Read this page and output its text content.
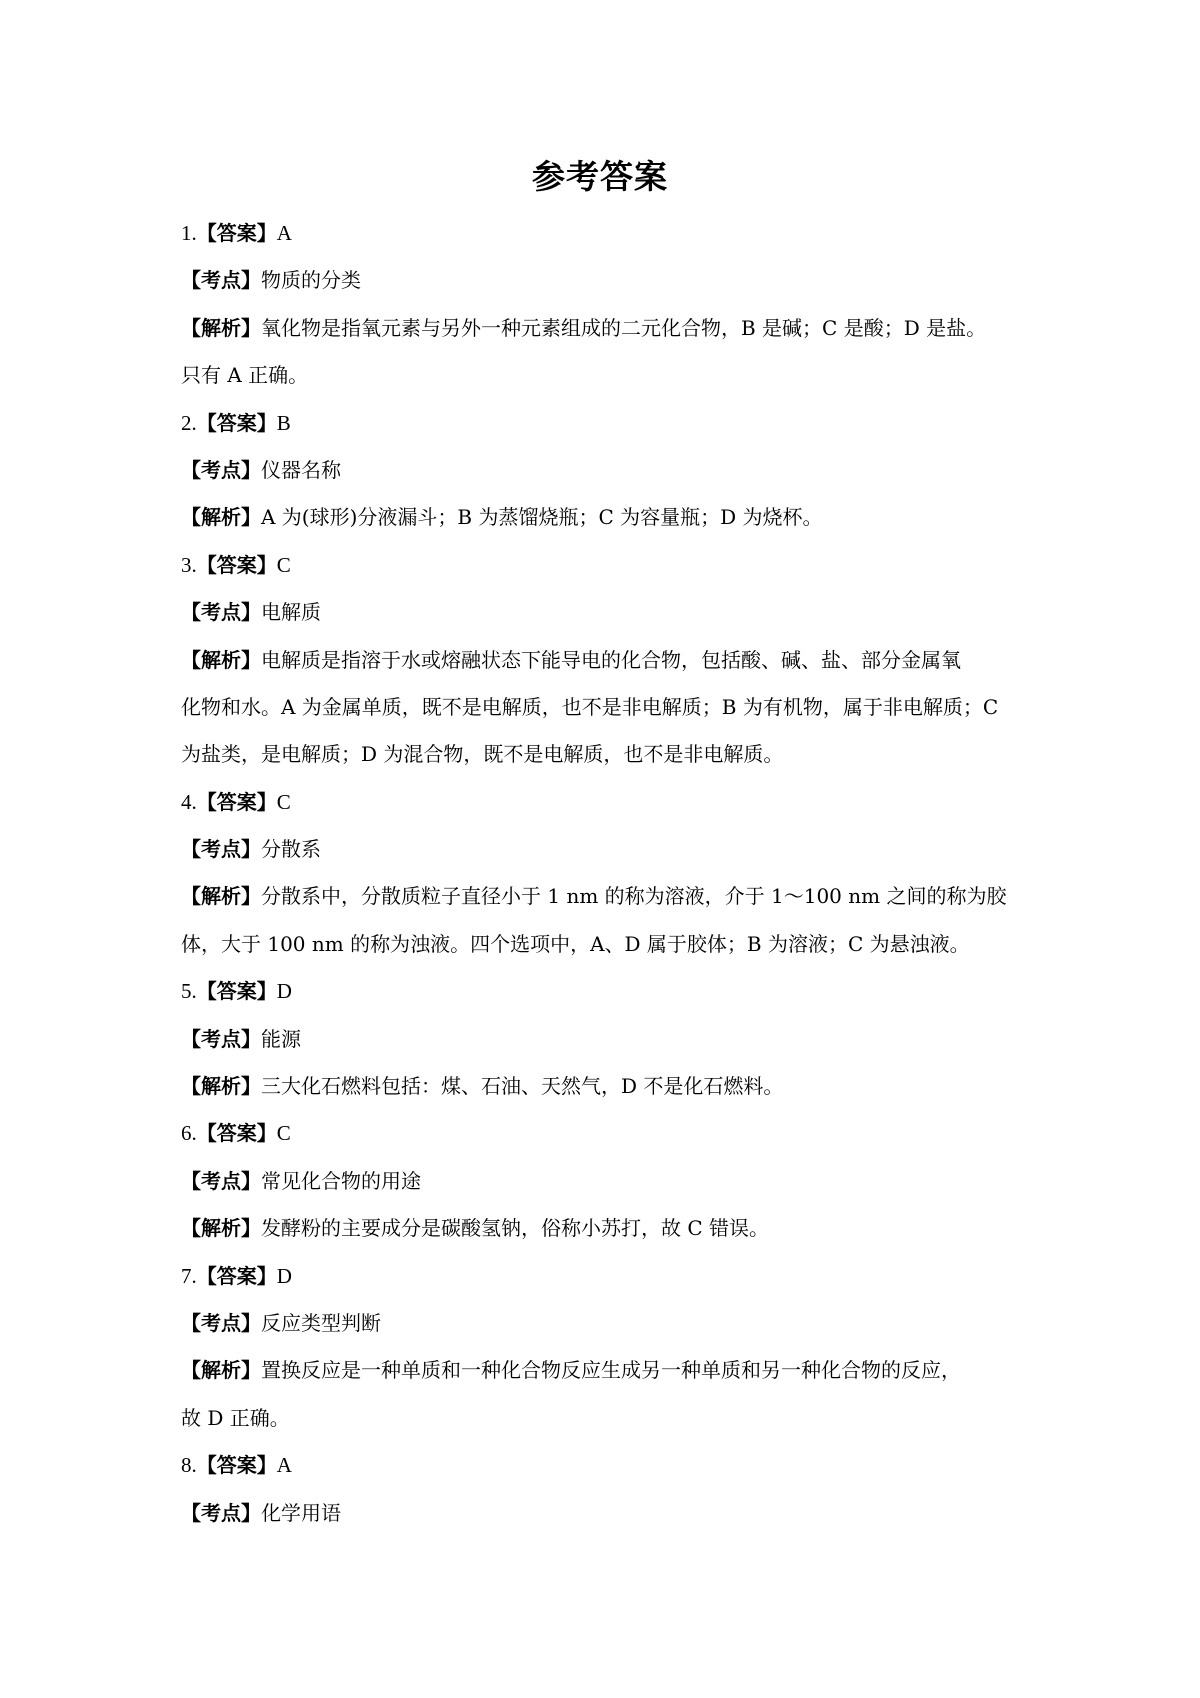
参考答案
1.【答案】A
【考点】物质的分类
【解析】氧化物是指氧元素与另外一种元素组成的二元化合物，B 是碱；C 是酸；D 是盐。
只有 A 正确。
2.【答案】B
【考点】仪器名称
【解析】A 为(球形)分液漏斗；B 为蒸馏烧瓶；C 为容量瓶；D 为烧杯。
3.【答案】C
【考点】电解质
【解析】电解质是指溶于水或熔融状态下能导电的化合物，包括酸、碱、盐、部分金属氧
化物和水。A 为金属单质，既不是电解质，也不是非电解质；B 为有机物，属于非电解质；C
为盐类，是电解质；D 为混合物，既不是电解质，也不是非电解质。
4.【答案】C
【考点】分散系
【解析】分散系中，分散质粒子直径小于 1 nm 的称为溶液，介于 1～100 nm 之间的称为胶
体，大于 100 nm 的称为浊液。四个选项中，A、D 属于胶体；B 为溶液；C 为悬浊液。
5.【答案】D
【考点】能源
【解析】三大化石燃料包括：煤、石油、天然气，D 不是化石燃料。
6.【答案】C
【考点】常见化合物的用途
【解析】发酵粉的主要成分是碳酸氢钠，俗称小苏打，故 C 错误。
7.【答案】D
【考点】反应类型判断
【解析】置换反应是一种单质和一种化合物反应生成另一种单质和另一种化合物的反应，
故 D 正确。
8.【答案】A
【考点】化学用语
